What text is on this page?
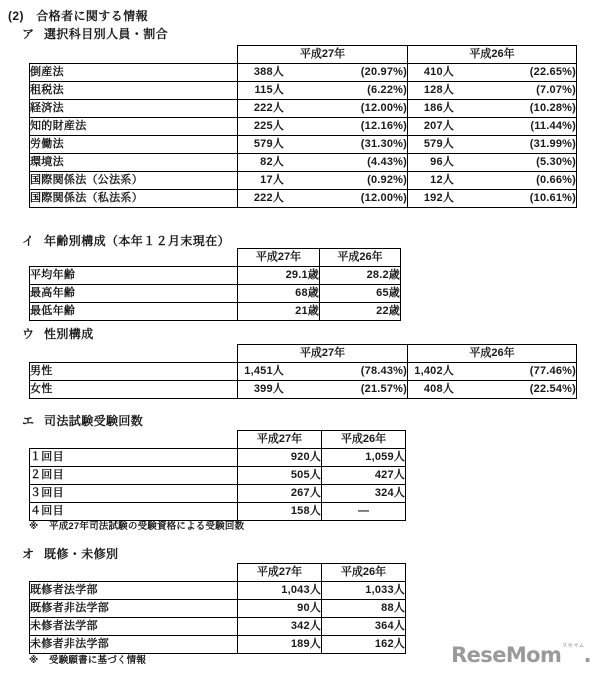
(2)　合格者に関する情報
ア 選択科目別人員・割合
	平成27年	平成26年
倒産法	388人 (20.97%)	410人 (22.65%)

租税法	115人 (6.22%)	128人 (7.07%)

経済法	222人 (12.00%)	186人 (10.28%)

知的財産法	225人 (12.16%)	207人 (11.44%)

労働法	579人 (31.30%)	579人 (31.99%)

環境法	82人 (4.43%)	96人 (5.30%)

国際関係法（公法系）	17人 (0.92%)	12人 (0.66%)

国際関係法（私法系）	222人 (12.00%)	192人 (10.61%)
イ 年齢別構成（本年１２月末現在）
	平成27年	平成26年
平均年齢	29.1歳	28.2歳
最高年齢	68歳	65歳
最低年齢	21歳	22歳
ウ 性別構成
	平成27年	平成26年
男性	1,451人 (78.43%)	1,402人 (77.46%)

女性	399人 (21.57%)	408人 (22.54%)
エ 司法試験受験回数
	平成27年	平成26年
１回目	920人	1,059人
２回目	505人	427人
３回目	267人	324人
４回目	158人	—
※ 平成27年司法試験の受験資格による受験回数
オ 既修・未修別
	平成27年	平成26年
既修者法学部	1,043人	1,033人
既修者非法学部	90人	88人
未修者法学部	342人	364人
未修者非法学部	189人	162人
※ 受験願書に基づく情報	ReseMom$^{リセマム}$.
